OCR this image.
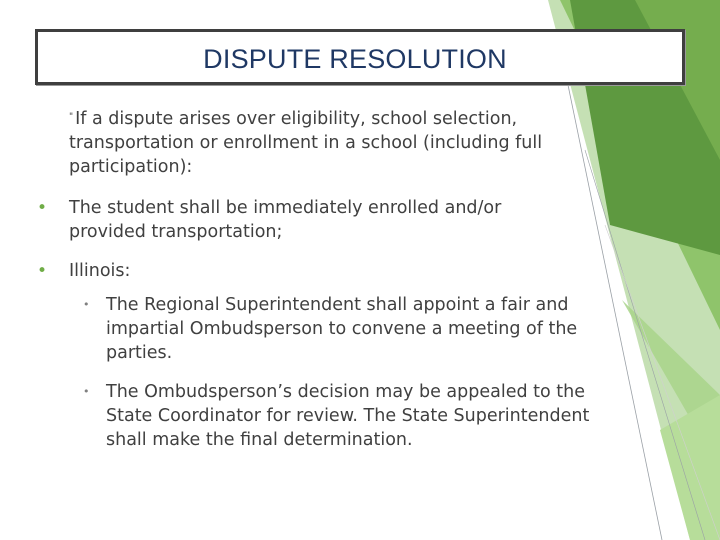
DISPUTE RESOLUTION
" If a dispute arises over eligibility, school selection, transportation or enrollment in a school (including full participation):
• The student shall be immediately enrolled and/or provided transportation;
• Illinois:
• The Regional Superintendent shall appoint a fair and impartial Ombudsperson to convene a meeting of the parties.
• The Ombudsperson’s decision may be appealed to the State Coordinator for review. The State Superintendent shall make the final determination.
